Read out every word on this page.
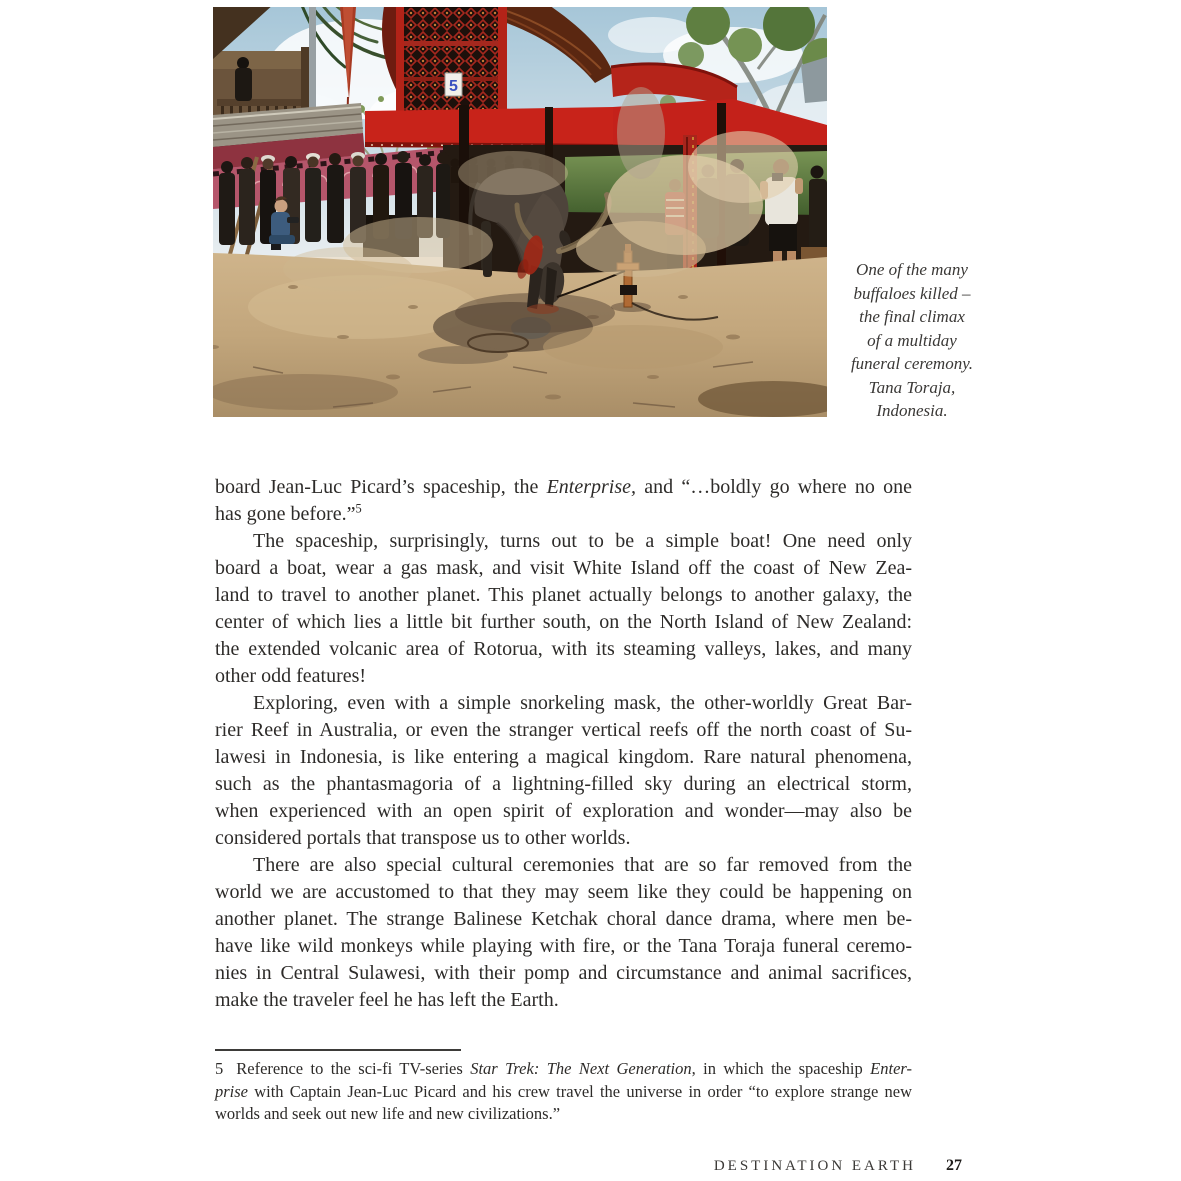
5
One of the many
buffaloes killed –
the final climax
of a multiday
funeral ceremony.
Tana Toraja,
Indonesia.
board Jean-Luc Picard’s spaceship, the Enterprise, and “…boldly go where no one
has gone before.”$^5$
The spaceship, surprisingly, turns out to be a simple boat! One need only
board a boat, wear a gas mask, and visit White Island off the coast of New Zea-
land to travel to another planet. This planet actually belongs to another galaxy, the
center of which lies a little bit further south, on the North Island of New Zealand:
the extended volcanic area of Rotorua, with its steaming valleys, lakes, and many
other odd features!
Exploring, even with a simple snorkeling mask, the other-worldly Great Bar-
rier Reef in Australia, or even the stranger vertical reefs off the north coast of Su-
lawesi in Indonesia, is like entering a magical kingdom. Rare natural phenomena,
such as the phantasmagoria of a lightning-filled sky during an electrical storm,
when experienced with an open spirit of exploration and wonder—may also be
considered portals that transpose us to other worlds.
There are also special cultural ceremonies that are so far removed from the
world we are accustomed to that they may seem like they could be happening on
another planet. The strange Balinese Ketchak choral dance drama, where men be-
have like wild monkeys while playing with fire, or the Tana Toraja funeral ceremo-
nies in Central Sulawesi, with their pomp and circumstance and animal sacrifices,
make the traveler feel he has left the Earth.
5 Reference to the sci-fi TV-series Star Trek: The Next Generation, in which the spaceship Enter-
prise with Captain Jean-Luc Picard and his crew travel the universe in order “to explore strange new
worlds and seek out new life and new civilizations.”
DESTINATION EARTH 27
